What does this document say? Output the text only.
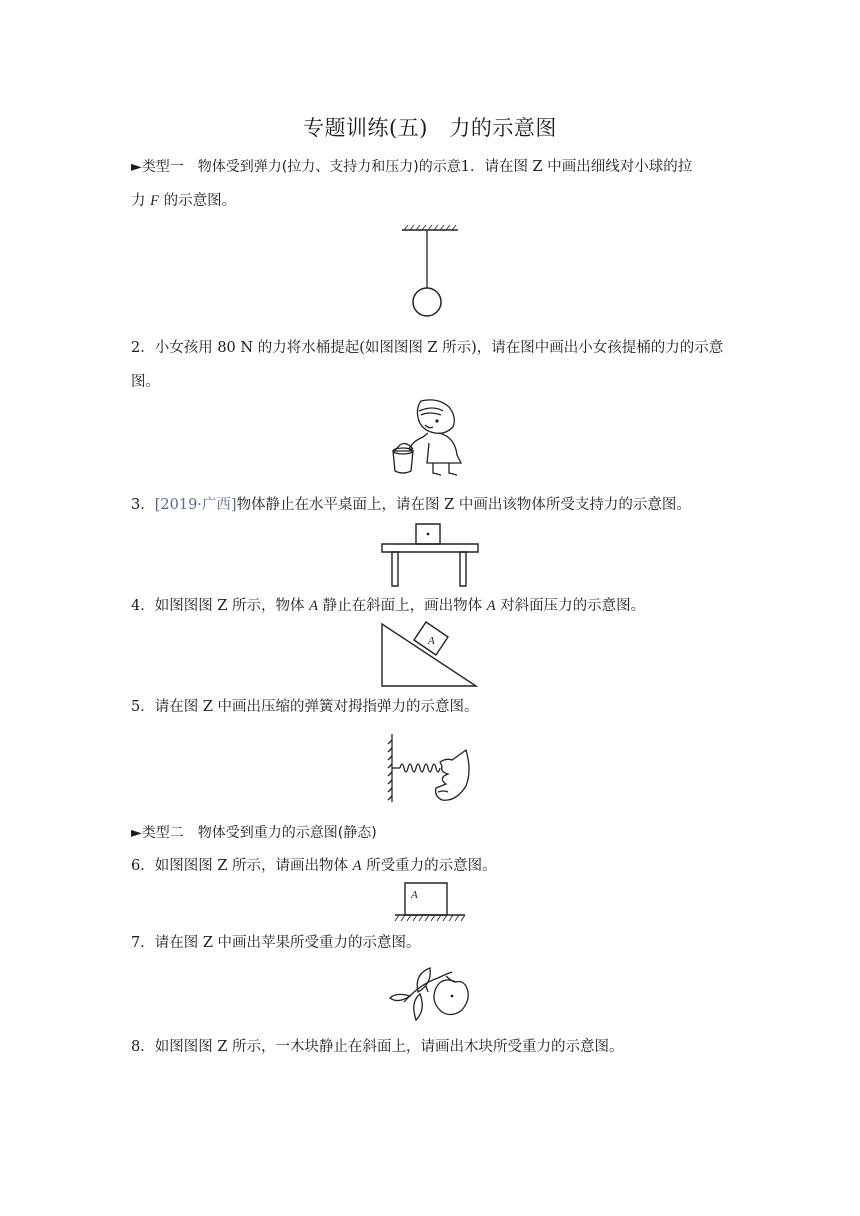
专题训练(五)　力的示意图
►类型一　物体受到弹力(拉力、支持力和压力)的示意1．请在图 Z 中画出细线对小球的拉
力 F 的示意图。
2．小女孩用 80 N 的力将水桶提起(如图图图 Z 所示)，请在图中画出小女孩提桶的力的示意
图。
3．[2019·广西]物体静止在水平桌面上，请在图 Z 中画出该物体所受支持力的示意图。
4．如图图图 Z 所示，物体 A 静止在斜面上，画出物体 A 对斜面压力的示意图。
A
5．请在图 Z 中画出压缩的弹簧对拇指弹力的示意图。
►类型二　物体受到重力的示意图(静态)
6．如图图图 Z 所示，请画出物体 A 所受重力的示意图。
A
7．请在图 Z 中画出苹果所受重力的示意图。
8．如图图图 Z 所示，一木块静止在斜面上，请画出木块所受重力的示意图。
